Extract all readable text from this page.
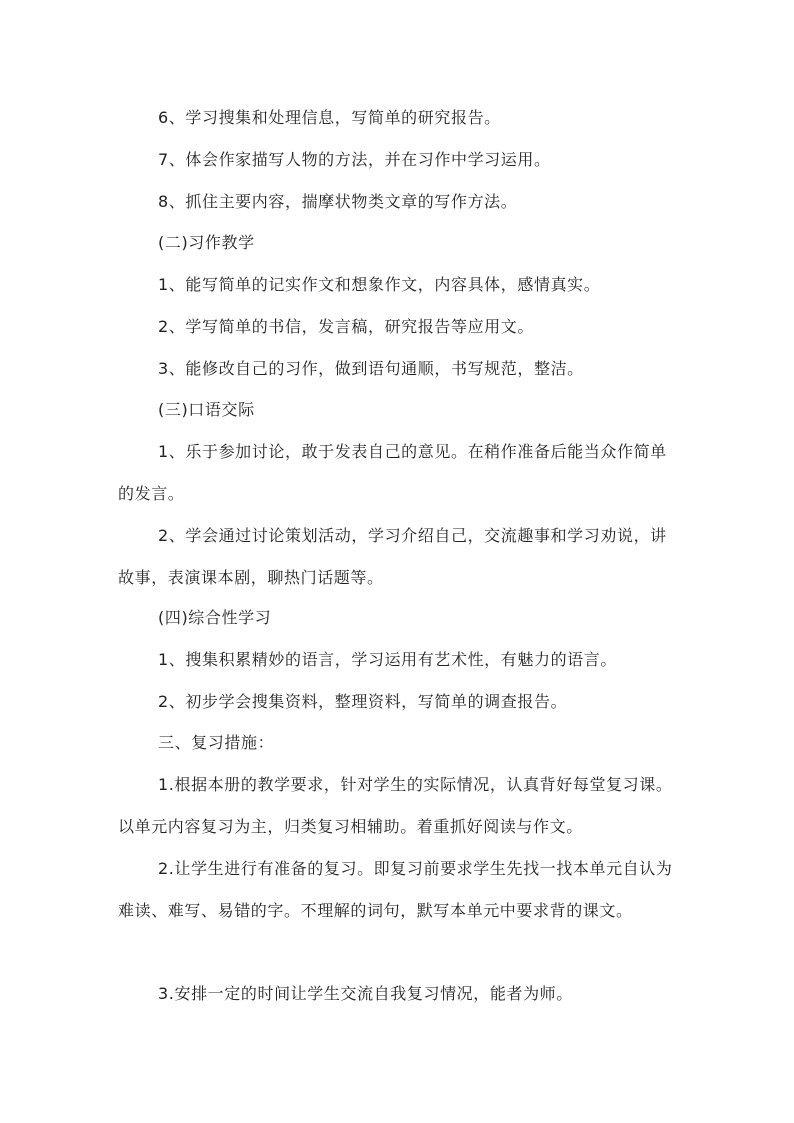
6、学习搜集和处理信息，写简单的研究报告。

7、体会作家描写人物的方法，并在习作中学习运用。

8、抓住主要内容，揣摩状物类文章的写作方法。

(二)习作教学

1、能写简单的记实作文和想象作文，内容具体，感情真实。

2、学写简单的书信，发言稿，研究报告等应用文。

3、能修改自己的习作，做到语句通顺，书写规范，整洁。

(三)口语交际

1、乐于参加讨论，敢于发表自己的意见。在稍作准备后能当众作简单的发言。

2、学会通过讨论策划活动，学习介绍自己，交流趣事和学习劝说，讲故事，表演课本剧，聊热门话题等。

(四)综合性学习

1、搜集积累精妙的语言，学习运用有艺术性，有魅力的语言。

2、初步学会搜集资料，整理资料，写简单的调查报告。

三、复习措施：

1.根据本册的教学要求，针对学生的实际情况，认真背好每堂复习课。以单元内容复习为主，归类复习相辅助。着重抓好阅读与作文。

2.让学生进行有准备的复习。即复习前要求学生先找一找本单元自认为难读、难写、易错的字。不理解的词句，默写本单元中要求背的课文。

3.安排一定的时间让学生交流自我复习情况，能者为师。
